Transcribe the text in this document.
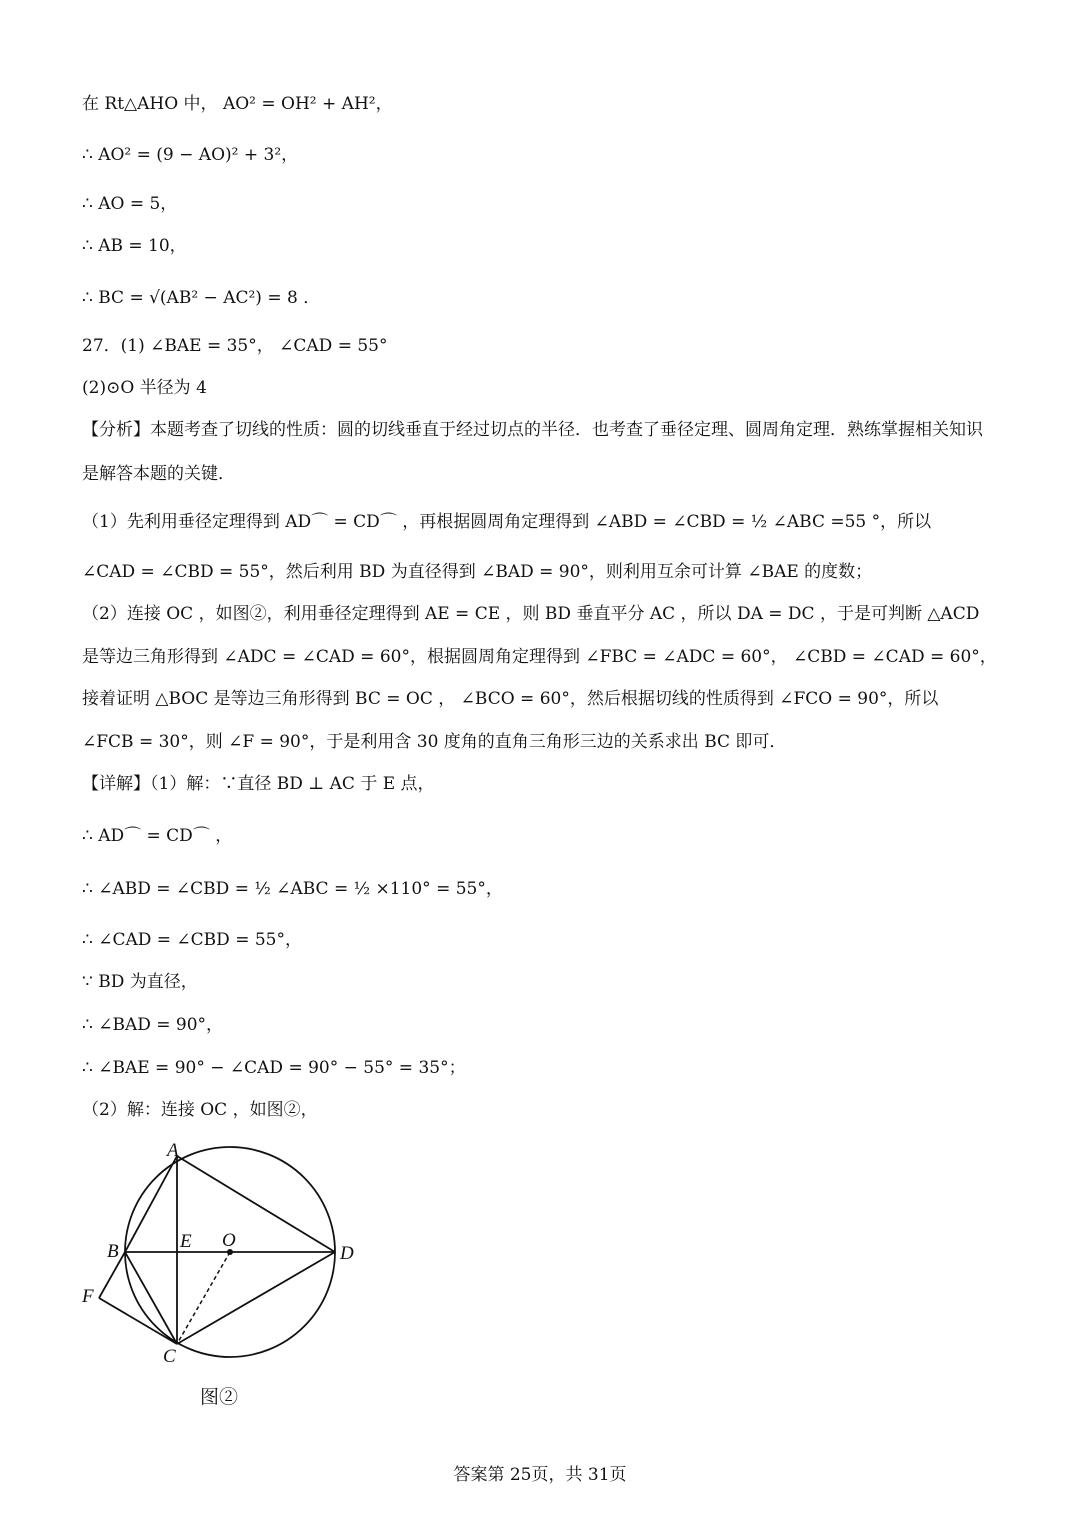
在 Rt△AHO 中， AO² = OH² + AH²，
∴ AO² = (9 − AO)² + 3²，
∴ AO = 5，
∴ AB = 10，
∴ BC = √(AB² − AC²) = 8 ．
27．(1) ∠BAE = 35°， ∠CAD = 55°
(2)⊙O 半径为 4
【分析】本题考查了切线的性质：圆的切线垂直于经过切点的半径．也考查了垂径定理、圆周角定理．熟练掌握相关知识是解答本题的关键．
（1）先利用垂径定理得到 AD⌒ = CD⌒ ，再根据圆周角定理得到 ∠ABD = ∠CBD = ½ ∠ABC =55 °，所以
∠CAD = ∠CBD = 55°，然后利用 BD 为直径得到 ∠BAD = 90°，则利用互余可计算 ∠BAE 的度数；
（2）连接 OC ，如图②，利用垂径定理得到 AE = CE ，则 BD 垂直平分 AC ，所以 DA = DC ，于是可判断 △ACD
是等边三角形得到 ∠ADC = ∠CAD = 60°，根据圆周角定理得到 ∠FBC = ∠ADC = 60°， ∠CBD = ∠CAD = 60°，
接着证明 △BOC 是等边三角形得到 BC = OC ， ∠BCO = 60°，然后根据切线的性质得到 ∠FCO = 90°，所以
∠FCB = 30°，则 ∠F = 90°，于是利用含 30 度角的直角三角形三边的关系求出 BC 即可．
【详解】（1）解：∵直径 BD ⊥ AC 于 E 点，
∴ AD⌒ = CD⌒ ，
∴ ∠ABD = ∠CBD = ½ ∠ABC = ½ ×110° = 55°，
∴ ∠CAD = ∠CBD = 55°，
∵ BD 为直径，
∴ ∠BAD = 90°，
∴ ∠BAE = 90° − ∠CAD = 90° − 55° = 35°；
（2）解：连接 OC ，如图②，
A
B	E O
D
F
C
图②
答案第 25页，共 31页
